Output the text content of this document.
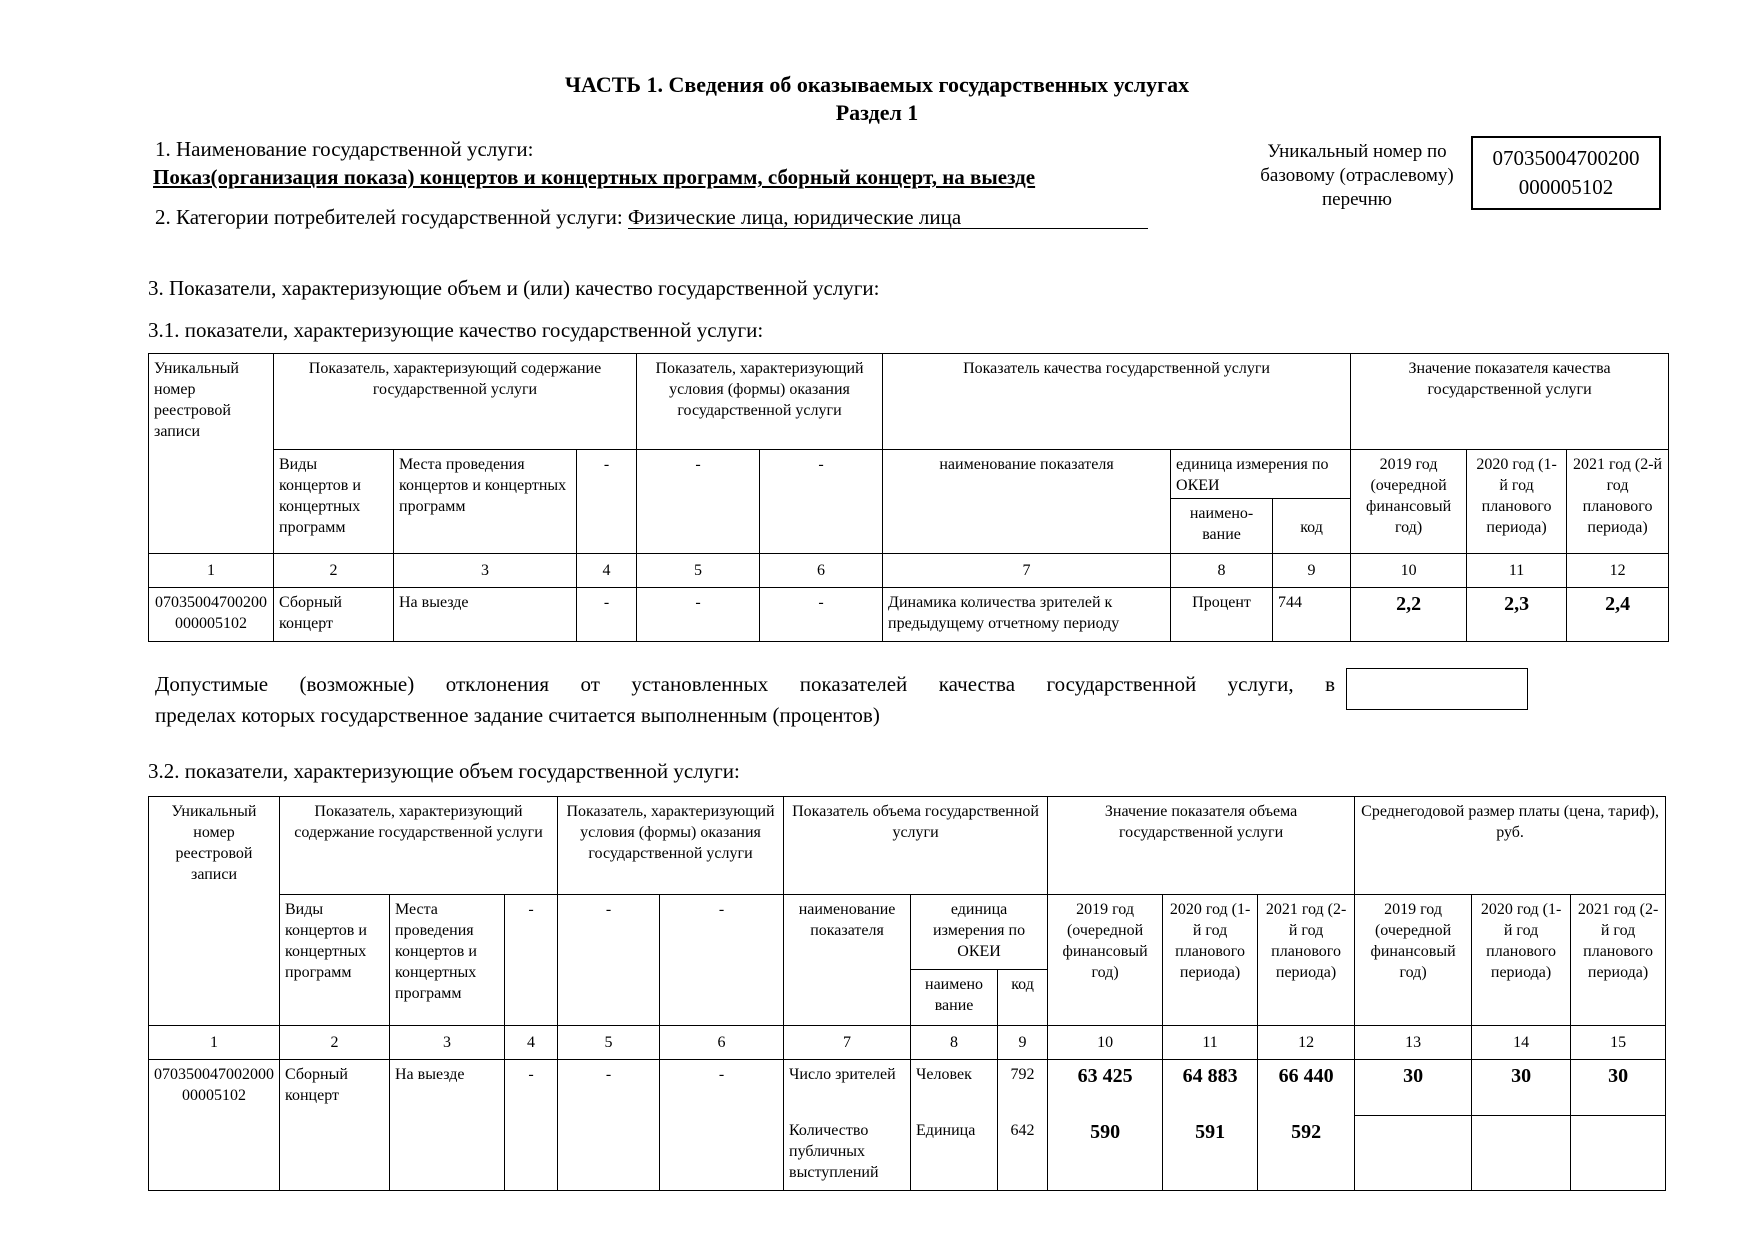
ЧАСТЬ 1. Сведения об оказываемых государственных услугах
Раздел 1
1. Наименование государственной услуги:
Показ(организация показа) концертов и концертных программ, сборный концерт, на выезде
2. Категории потребителей государственной услуги: Физические лица, юридические лица
Уникальный номер по базовому (отраслевому) перечню
07035004700200
000005102
3. Показатели, характеризующие объем и (или) качество государственной услуги:
3.1. показатели, характеризующие качество государственной услуги:
Уникальный номер реестровой записи	Показатель, характеризующий содержание государственной услуги			Показатель, характеризующий условия (формы) оказания государственной услуги		Показатель качества государственной услуги			Значение показателя качества государственной услуги		
	Виды концертов и концертных программ	Места проведения концертов и концертных программ	-	-	-	наименование показателя	единица измерения по ОКЕИ		2019 год (очередной финансовый год)	2020 год (1-й год планового периода)	2021 год (2-й год планового периода)
							наимено-вание	код			
1	2	3	4	5	6	7	8	9	10	11	12
07035004700200000005102	Сборный концерт	На выезде	-	-	-	Динамика количества зрителей к предыдущему отчетному периоду	Процент	744	2,2	2,3	2,4
Допустимые (возможные) отклонения от установленных показателей качества государственной услуги, в
пределах которых государственное задание считается выполненным (процентов)
3.2. показатели, характеризующие объем государственной услуги:
Уникальный номер реестровой записи	Показатель, характеризующий содержание государственной услуги			Показатель, характеризующий условия (формы) оказания государственной услуги		Показатель объема государственной услуги			Значение показателя объема государственной услуги			Среднегодовой размер платы (цена, тариф), руб.		
	Виды концертов и концертных программ	Места проведения концертов и концертных программ	-	-	-	наименование показателя	единица измерения по ОКЕИ		2019 год (очередной финансовый год)	2020 год (1-й год планового периода)	2021 год (2-й год планового периода)	2019 год (очередной финансовый год)	2020 год (1-й год планового периода)	2021 год (2-й год планового периода)
							наимено вание	код						
1	2	3	4	5	6	7	8	9	10	11	12	13	14	15
07035004700200000005102	Сборный концерт	На выезде	-	-	-	Число зрителей	Человек	792	63 425	64 883	66 440	30	30	30
						Количество публичных выступлений	Единица	642	590	591	592			
